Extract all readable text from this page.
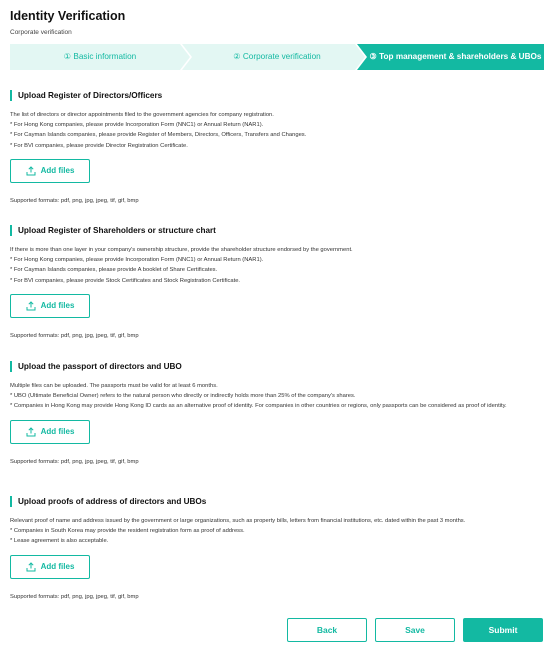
Identity Verification
Corporate verification
① Basic information	② Corporate verification	③ Top management & shareholders & UBOs
Upload Register of Directors/Officers
The list of directors or director appointments filed to the government agencies for company registration.
* For Hong Kong companies, please provide Incorporation Form (NNC1) or Annual Return (NAR1).
* For Cayman Islands companies, please provide Register of Members, Directors, Officers, Transfers and Changes.
* For BVI companies, please provide Director Registration Certificate.
Add files
Supported formats: pdf, png, jpg, jpeg, tif, gif, bmp
Upload Register of Shareholders or structure chart
If there is more than one layer in your company's ownership structure, provide the shareholder structure endorsed by the government.
* For Hong Kong companies, please provide Incorporation Form (NNC1) or Annual Return (NAR1).
* For Cayman Islands companies, please provide A booklet of Share Certificates.
* For BVI companies, please provide Stock Certificates and Stock Registration Certificate.
Add files
Supported formats: pdf, png, jpg, jpeg, tif, gif, bmp
Upload the passport of directors and UBO
Multiple files can be uploaded. The passports must be valid for at least 6 months.
* UBO (Ultimate Beneficial Owner) refers to the natural person who directly or indirectly holds more than 25% of the company's shares.
* Companies in Hong Kong may provide Hong Kong ID cards as an alternative proof of identity. For companies in other countries or regions, only passports can be considered as proof of identity.
Add files
Supported formats: pdf, png, jpg, jpeg, tif, gif, bmp
Upload proofs of address of directors and UBOs
Relevant proof of name and address issued by the government or large organizations, such as property bills, letters from financial institutions, etc. dated within the past 3 months.
* Companies in South Korea may provide the resident registration form as proof of address.
* Lease agreement is also acceptable.
Add files
Supported formats: pdf, png, jpg, jpeg, tif, gif, bmp
Back	Save	Submit
